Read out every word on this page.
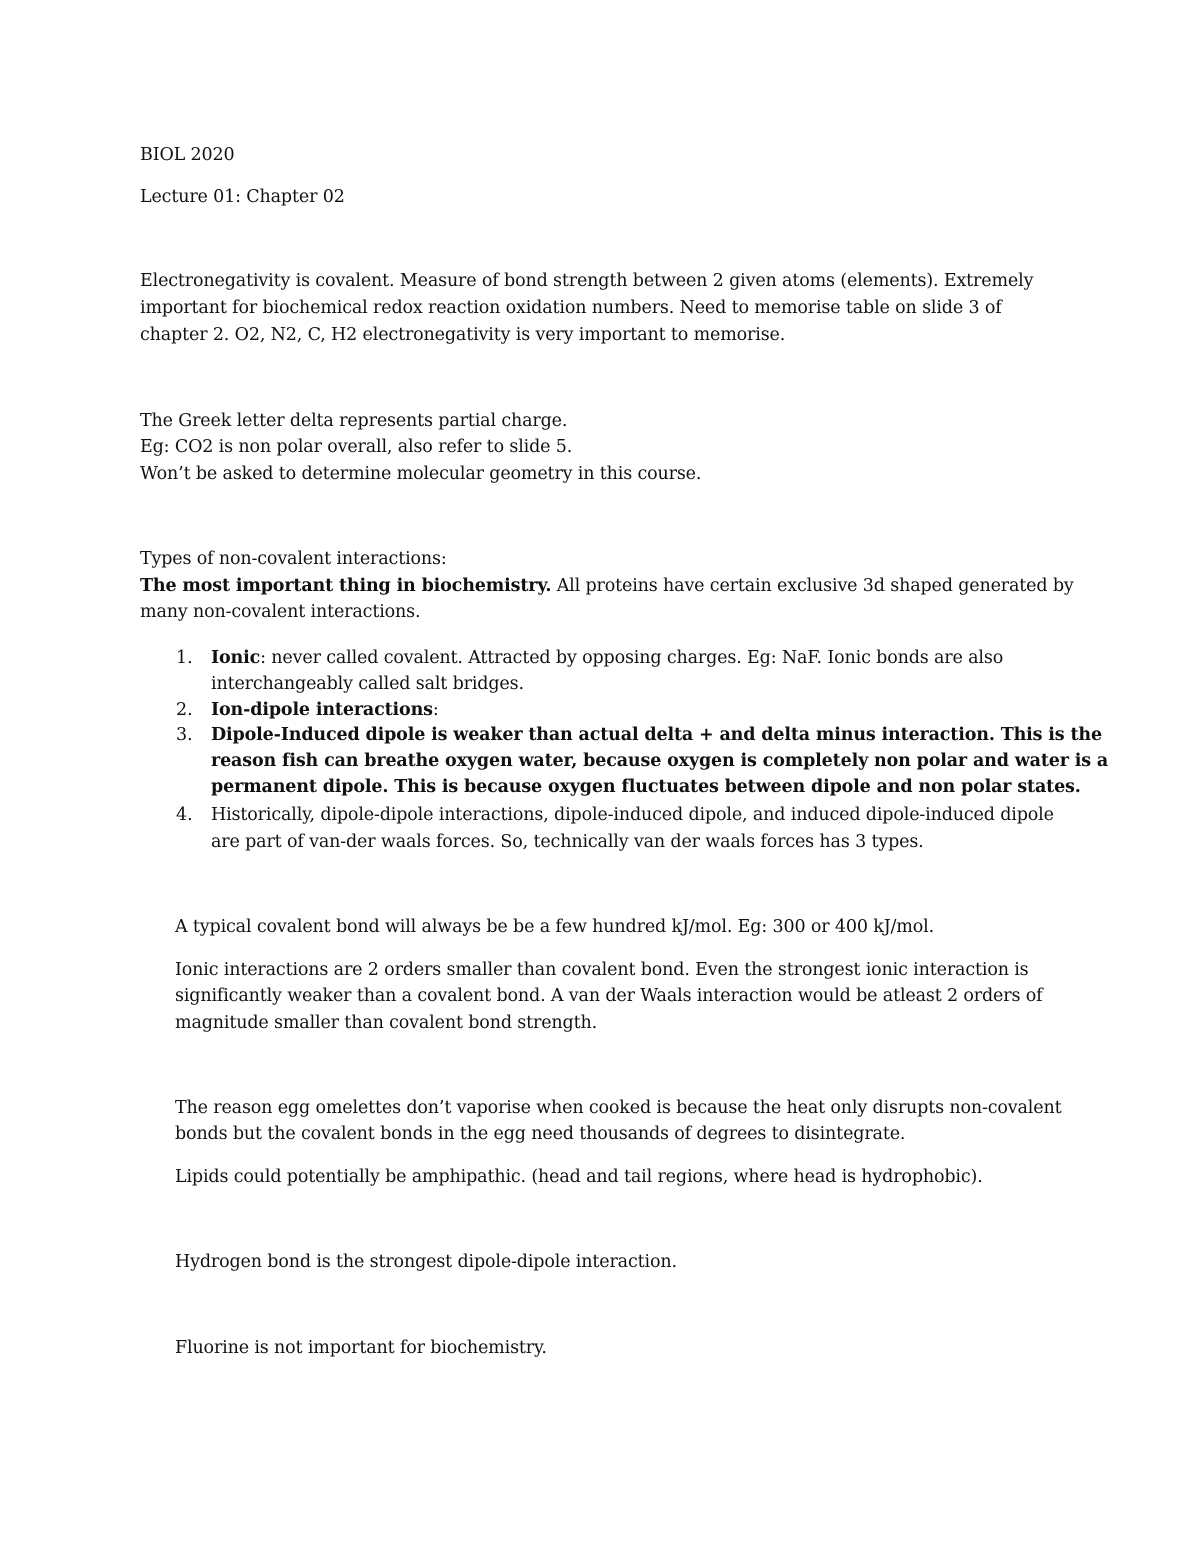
BIOL 2020

Lecture 01: Chapter 02

Electronegativity is covalent. Measure of bond strength between 2 given atoms (elements). Extremely

important for biochemical redox reaction oxidation numbers. Need to memorise table on slide 3 of

chapter 2. O2, N2, C, H2 electronegativity is very important to memorise.

The Greek letter delta represents partial charge.

Eg: CO2 is non polar overall, also refer to slide 5.

Won’t be asked to determine molecular geometry in this course.

Types of non-covalent interactions:

The most important thing in biochemistry. All proteins have certain exclusive 3d shaped generated by

many non-covalent interactions.

1. Ionic: never called covalent. Attracted by opposing charges. Eg: NaF. Ionic bonds are also

interchangeably called salt bridges.

2. Ion-dipole interactions:

3. Dipole-Induced dipole is weaker than actual delta + and delta minus interaction. This is the

reason fish can breathe oxygen water, because oxygen is completely non polar and water is a

permanent dipole. This is because oxygen fluctuates between dipole and non polar states.

4. Historically, dipole-dipole interactions, dipole-induced dipole, and induced dipole-induced dipole

are part of van-der waals forces. So, technically van der waals forces has 3 types.

A typical covalent bond will always be be a few hundred kJ/mol. Eg: 300 or 400 kJ/mol.

Ionic interactions are 2 orders smaller than covalent bond. Even the strongest ionic interaction is

significantly weaker than a covalent bond. A van der Waals interaction would be atleast 2 orders of

magnitude smaller than covalent bond strength.

The reason egg omelettes don’t vaporise when cooked is because the heat only disrupts non-covalent

bonds but the covalent bonds in the egg need thousands of degrees to disintegrate.

Lipids could potentially be amphipathic. (head and tail regions, where head is hydrophobic).

Hydrogen bond is the strongest dipole-dipole interaction.

Fluorine is not important for biochemistry.
